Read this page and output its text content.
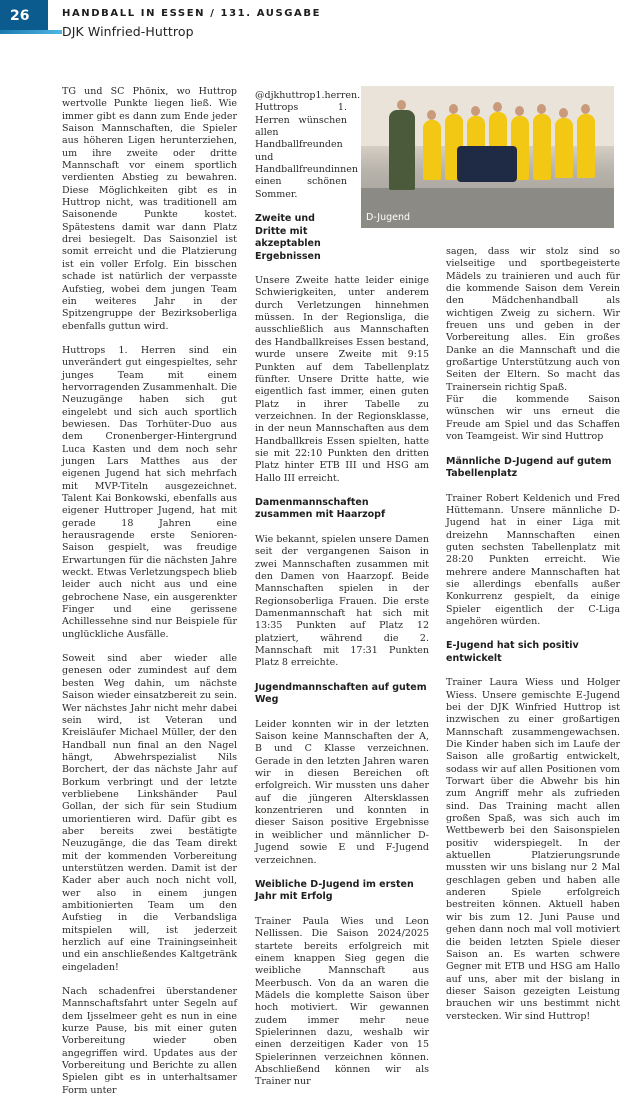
26	HANDBALL IN ESSEN / 131. AUSGABE
DJK Winfried-Huttrop
D-Jugend

TG und SC Phönix, wo Huttrop wertvolle Punkte liegen ließ. Wie immer gibt es dann zum Ende jeder Saison Mannschaften, die Spieler aus höheren Ligen herunterziehen, um ihre zweite oder dritte Mannschaft vor einem sportlich verdienten Abstieg zu bewahren. Diese Möglichkeiten gibt es in Huttrop nicht, was traditionell am Saisonende Punkte kostet. Spätestens damit war dann Platz drei besiegelt. Das Saisonziel ist somit erreicht und die Platzierung ist ein voller Erfolg. Ein bisschen schade ist natürlich der verpasste Aufstieg, wobei dem jungen Team ein weiteres Jahr in der Spitzengruppe der Bezirksoberliga ebenfalls guttun wird.

Huttrops 1. Herren sind ein unverändert gut eingespieltes, sehr junges Team mit einem hervorragenden Zusammenhalt. Die Neuzugänge haben sich gut eingelebt und sich auch sportlich bewiesen. Das Torhüter-Duo aus dem Cronenberger-Hintergrund Luca Kasten und dem noch sehr jungen Lars Matthes aus der eigenen Jugend hat sich mehrfach mit MVP-Titeln ausgezeichnet. Talent Kai Bonkowski, ebenfalls aus eigener Huttroper Jugend, hat mit gerade 18 Jahren eine herausragende erste Senioren-Saison gespielt, was freudige Erwartungen für die nächsten Jahre weckt. Etwas Verletzungspech blieb leider auch nicht aus und eine gebrochene Nase, ein ausgerenkter Finger und eine gerissene Achillessehne sind nur Beispiele für unglückliche Ausfälle.

Soweit sind aber wieder alle genesen oder zumindest auf dem besten Weg dahin, um nächste Saison wieder einsatzbereit zu sein. Wer nächstes Jahr nicht mehr dabei sein wird, ist Veteran und Kreisläufer Michael Müller, der den Handball nun final an den Nagel hängt, Abwehrspezialist Nils Borchert, der das nächste Jahr auf Borkum verbringt und der letzte verbliebene Linkshänder Paul Gollan, der sich für sein Studium umorientieren wird. Dafür gibt es aber bereits zwei bestätigte Neuzugänge, die das Team direkt mit der kommenden Vorbereitung unterstützen werden. Damit ist der Kader aber auch noch nicht voll, wer also in einem jungen ambitionierten Team um den Aufstieg in die Verbandsliga mitspielen will, ist jederzeit herzlich auf eine Trainingseinheit und ein anschließendes Kaltgetränk eingeladen!

Nach schadenfrei überstandener Mannschaftsfahrt unter Segeln auf dem Ijsselmeer geht es nun in eine kurze Pause, bis mit einer guten Vorbereitung wieder oben angegriffen wird. Updates aus der Vorbereitung und Berichte zu allen Spielen gibt es in unterhaltsamer Form unter

@djkhuttrop1.herren. Huttrops 1. Herren wünschen allen Handballfreunden und Handballfreundinnen einen schönen Sommer.

Zweite und Dritte mit akzeptablen Ergebnissen

Unsere Zweite hatte leider einige Schwierigkeiten, unter anderem durch Verletzungen hinnehmen müssen. In der Regionsliga, die ausschließlich aus Mannschaften des Handballkreises Essen bestand, wurde unsere Zweite mit 9:15 Punkten auf dem Tabellenplatz fünfter. Unsere Dritte hatte, wie eigentlich fast immer, einen guten Platz in ihrer Tabelle zu verzeichnen. In der Regionsklasse, in der neun Mannschaften aus dem Handballkreis Essen spielten, hatte sie mit 22:10 Punkten den dritten Platz hinter ETB III und HSG am Hallo III erreicht.

Damenmannschaften zusammen mit Haarzopf

Wie bekannt, spielen unsere Damen seit der vergangenen Saison in zwei Mannschaften zusammen mit den Damen von Haarzopf. Beide Mannschaften spielen in der Regionsoberliga Frauen. Die erste Damenmannschaft hat sich mit 13:35 Punkten auf Platz 12 platziert, während die 2. Mannschaft mit 17:31 Punkten Platz 8 erreichte.

Jugendmannschaften auf gutem Weg

Leider konnten wir in der letzten Saison keine Mannschaften der A, B und C Klasse verzeichnen. Gerade in den letzten Jahren waren wir in diesen Bereichen oft erfolgreich. Wir mussten uns daher auf die jüngeren Altersklassen konzentrieren und konnten in dieser Saison positive Ergebnisse in weiblicher und männlicher D-Jugend sowie E und F-Jugend verzeichnen.

Weibliche D-Jugend im ersten Jahr mit Erfolg

Trainer Paula Wies und Leon Nellissen. Die Saison 2024/2025 startete bereits erfolgreich mit einem knappen Sieg gegen die weibliche Mannschaft aus Meerbusch. Von da an waren die Mädels die komplette Saison über hoch motiviert. Wir gewannen zudem immer mehr neue Spielerinnen dazu, weshalb wir einen derzeitigen Kader von 15 Spielerinnen verzeichnen können. Abschließend können wir als Trainer nur

sagen, dass wir stolz sind so vielseitige und sportbegeisterte Mädels zu trainieren und auch für die kommende Saison dem Verein den Mädchenhandball als wichtigen Zweig zu sichern. Wir freuen uns und geben in der Vorbereitung alles. Ein großes Danke an die Mannschaft und die großartige Unterstützung auch von Seiten der Eltern. So macht das Trainersein richtig Spaß.

Für die kommende Saison wünschen wir uns erneut die Freude am Spiel und das Schaffen von Teamgeist. Wir sind Huttrop

Männliche D-Jugend auf gutem Tabellenplatz

Trainer Robert Keldenich und Fred Hüttemann. Unsere männliche D-Jugend hat in einer Liga mit dreizehn Mannschaften einen guten sechsten Tabellenplatz mit 28:20 Punkten erreicht. Wie mehrere andere Mannschaften hat sie allerdings ebenfalls außer Konkurrenz gespielt, da einige Spieler eigentlich der C-Liga angehören würden.

E-Jugend hat sich positiv entwickelt

Trainer Laura Wiess und Holger Wiess. Unsere gemischte E-Jugend bei der DJK Winfried Huttrop ist inzwischen zu einer großartigen Mannschaft zusammengewachsen. Die Kinder haben sich im Laufe der Saison alle großartig entwickelt, sodass wir auf allen Positionen vom Torwart über die Abwehr bis hin zum Angriff mehr als zufrieden sind. Das Training macht allen großen Spaß, was sich auch im Wettbewerb bei den Saisonspielen positiv widerspiegelt. In der aktuellen Platzierungsrunde mussten wir uns bislang nur 2 Mal geschlagen geben und haben alle anderen Spiele erfolgreich bestreiten können. Aktuell haben wir bis zum 12. Juni Pause und gehen dann noch mal voll motiviert die beiden letzten Spiele dieser Saison an. Es warten schwere Gegner mit ETB und HSG am Hallo auf uns, aber mit der bislang in dieser Saison gezeigten Leistung brauchen wir uns bestimmt nicht verstecken. Wir sind Huttrop!
